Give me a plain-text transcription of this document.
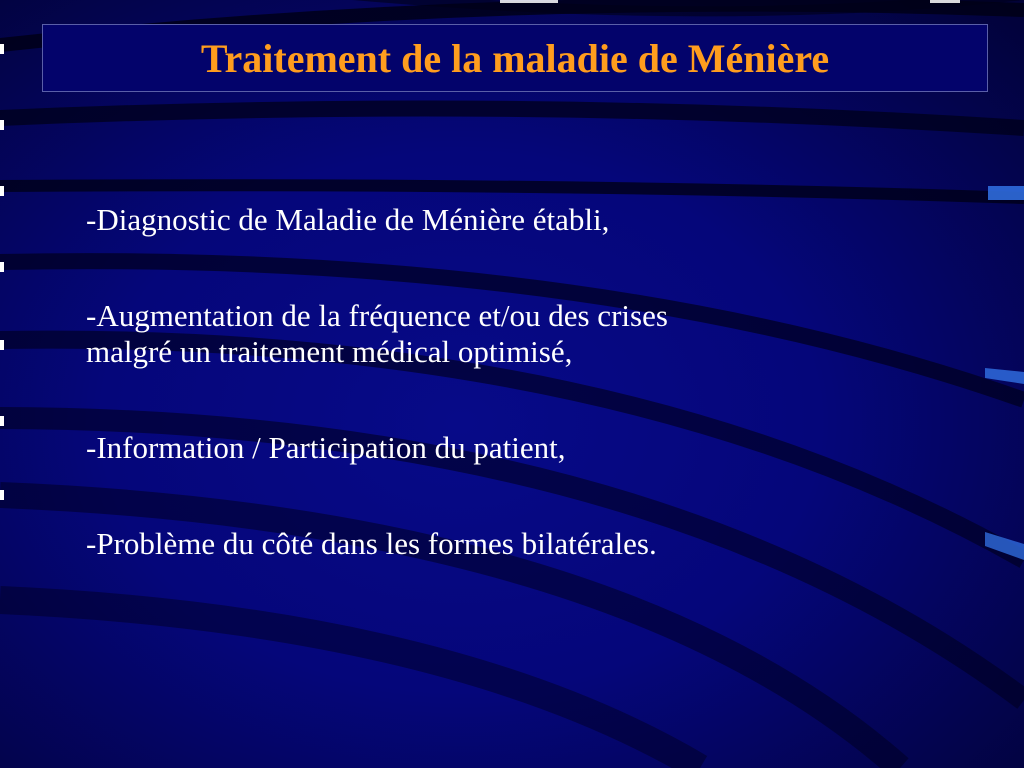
Traitement de la maladie de Ménière

-Diagnostic de Maladie de Ménière établi,

-Augmentation de la fréquence et/ou des crises
malgré un traitement médical optimisé,

-Information / Participation du patient,

-Problème du côté dans les formes bilatérales.
